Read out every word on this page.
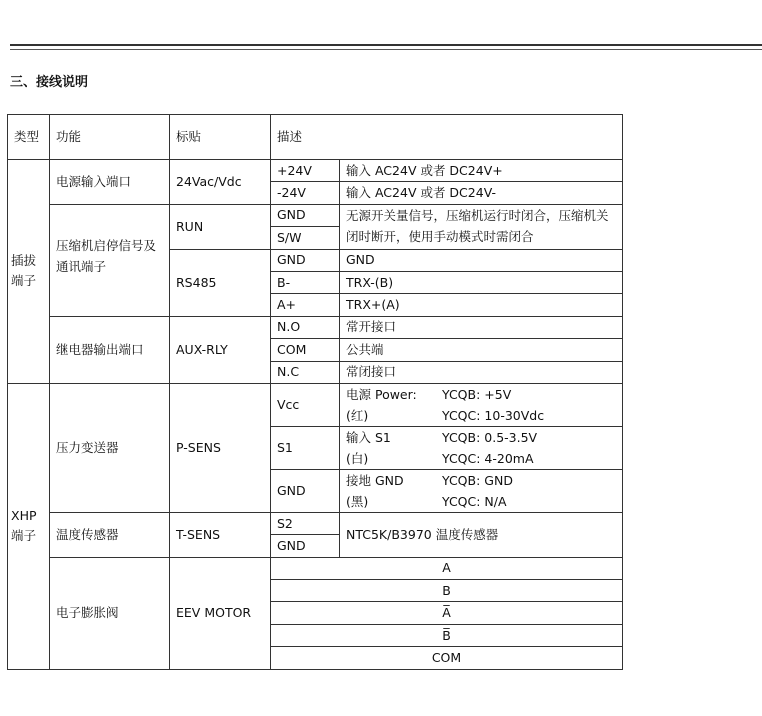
三、接线说明
类型	功能	标贴	描述	
插拔端子	电源输入端口	24Vac/Vdc	+24V	输入 AC24V 或者 DC24V+
			-24V	输入 AC24V 或者 DC24V-

	压缩机启停信号及通讯端子	RUN	GND	无源开关量信号，压缩机运行时闭合，压缩机关闭时断开，使用手动模式时需闭合
			S/W	
		RS485	GND	GND
			B-	TRX-(B)
			A+	TRX+(A)
	继电器输出端口	AUX-RLY	N.O	常开接口
			COM	公共端
			N.C	常闭接口

XHP端子	压力变送器	P-SENS	Vcc	电源 Power: YCQB: +5V
(红) YCQC: 10-30Vdc

			S1	输入 S1 YCQB: 0.5-3.5V
(白) YCQC: 4-20mA

			GND	接地 GND YCQB: GND
(黑) YCQC: N/A

	温度传感器	T-SENS	S2	NTC5K/B3970 温度传感器
			GND	
	电子膨胀阀	EEV MOTOR	A	
			B	
			A̅	
			B̅	
			COM	
